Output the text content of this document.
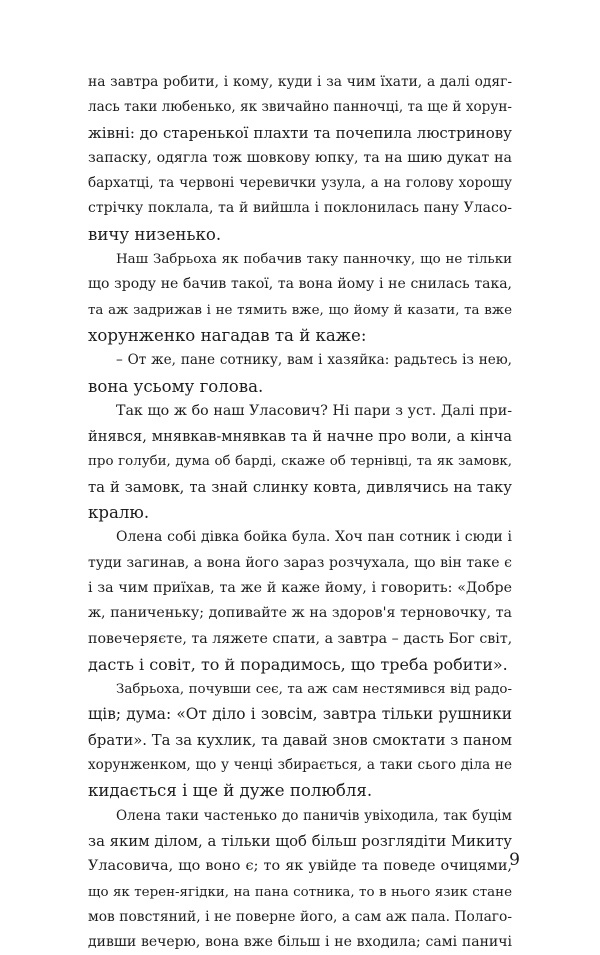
на завтра робити, і кому, куди і за чим їхати, а далі одяг-
лась таки любенько, як звичайно панночці, та ще й хорун-
жівні: до старенької плахти та почепила люстринову
запаску, одягла тож шовкову юпку, та на шию дукат на
бархатці, та червоні черевички узула, а на голову хорошу
стрічку поклала, та й вийшла і поклонилась пану Уласо-
вичу низенько.
Наш Забрьоха як побачив таку панночку, що не тільки
що зроду не бачив такої, та вона йому і не снилась така,
та аж задрижав і не тямить вже, що йому й казати, та вже
хорунженко нагадав та й каже:
– От же, пане сотнику, вам і хазяйка: радьтесь із нею,
вона усьому голова.
Так що ж бо наш Уласович? Ні пари з уст. Далі при-
йнявся, мнявкав-мнявкав та й начне про воли, а кінча
про голуби, дума об барді, скаже об тернівці, та як замовк,
та й замовк, та знай слинку ковта, дивлячись на таку
кралю.
Олена собі дівка бойка була. Хоч пан сотник і сюди і
туди загинав, а вона його зараз розчухала, що він таке є
і за чим приїхав, та же й каже йому, і говорить: «Добре
ж, паниченьку; допивайте ж на здоров'я терновочку, та
повечеряєте, та ляжете спати, а завтра – дасть Бог світ,
дасть і совіт, то й порадимось, що треба робити».
Забрьоха, почувши сеє, та аж сам нестямився від радо-
щів; дума: «От діло і зовсім, завтра тільки рушники
брати». Та за кухлик, та давай знов смоктати з паном
хорунженком, що у ченці збирається, а таки сього діла не
кидається і ще й дуже полюбля.
Олена таки частенько до паничів увіходила, так буцім
за яким ділом, а тільки щоб більш розглядіти Микиту
Уласовича, що воно є; то як увійде та поведе очицями,
що як терен-ягідки, на пана сотника, то в нього язик стане
мов повстяний, і не поверне його, а сам аж пала. Полаго-
дивши вечерю, вона вже більш і не входила; самі паничі
9
